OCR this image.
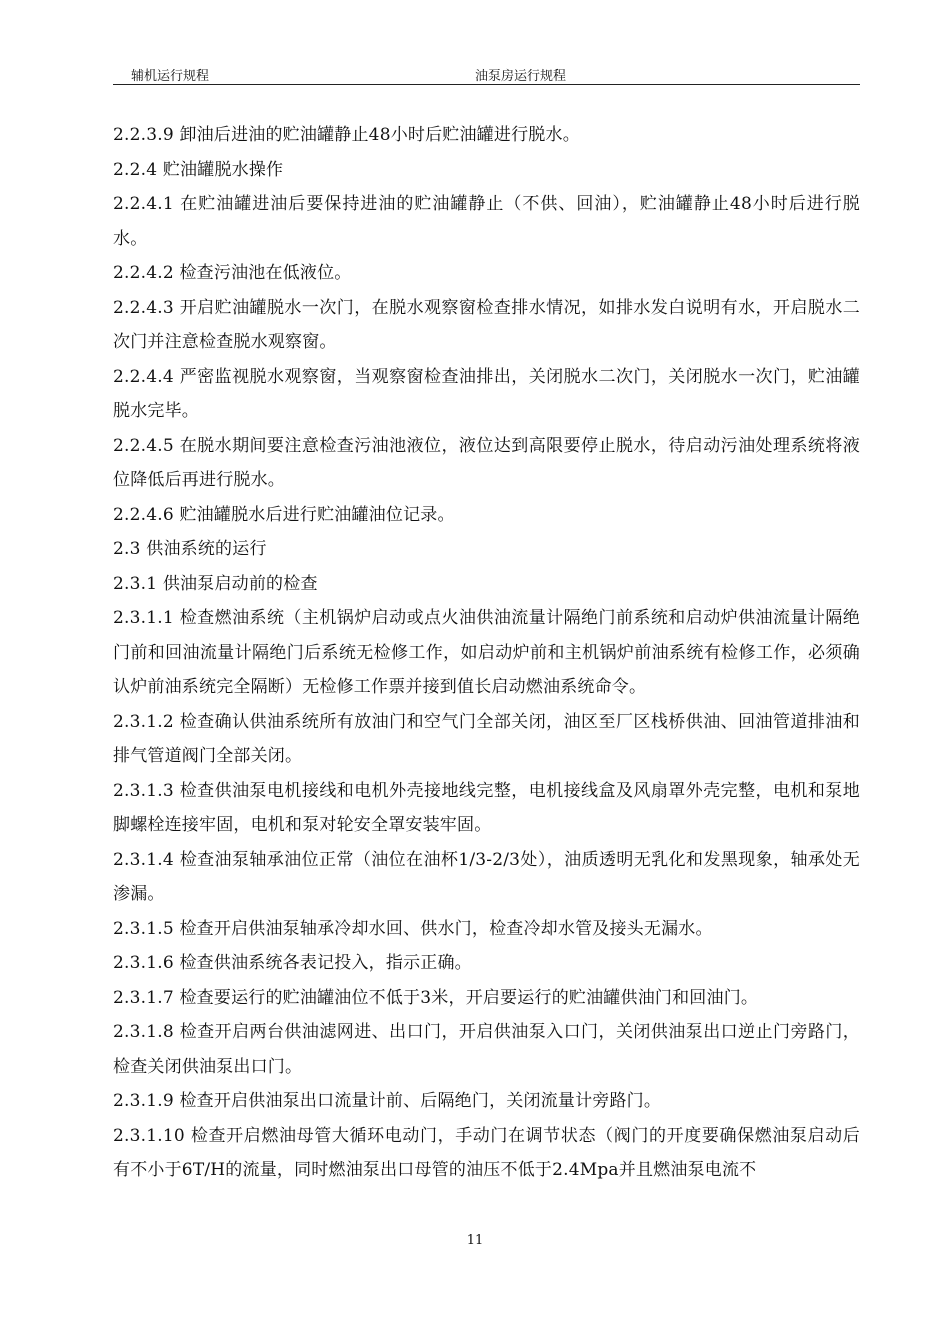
辅机运行规程	油泵房运行规程

2.2.3.9 卸油后进油的贮油罐静止48小时后贮油罐进行脱水。

2.2.4 贮油罐脱水操作

2.2.4.1 在贮油罐进油后要保持进油的贮油罐静止（不供、回油），贮油罐静止48小时后进行脱水。

2.2.4.2 检查污油池在低液位。

2.2.4.3 开启贮油罐脱水一次门，在脱水观察窗检查排水情况，如排水发白说明有水，开启脱水二次门并注意检查脱水观察窗。

2.2.4.4 严密监视脱水观察窗，当观察窗检查油排出，关闭脱水二次门，关闭脱水一次门，贮油罐脱水完毕。

2.2.4.5 在脱水期间要注意检查污油池液位，液位达到高限要停止脱水，待启动污油处理系统将液位降低后再进行脱水。

2.2.4.6 贮油罐脱水后进行贮油罐油位记录。

2.3 供油系统的运行

2.3.1 供油泵启动前的检查

2.3.1.1 检查燃油系统（主机锅炉启动或点火油供油流量计隔绝门前系统和启动炉供油流量计隔绝门前和回油流量计隔绝门后系统无检修工作，如启动炉前和主机锅炉前油系统有检修工作，必须确认炉前油系统完全隔断）无检修工作票并接到值长启动燃油系统命令。

2.3.1.2 检查确认供油系统所有放油门和空气门全部关闭，油区至厂区栈桥供油、回油管道排油和排气管道阀门全部关闭。

2.3.1.3 检查供油泵电机接线和电机外壳接地线完整，电机接线盒及风扇罩外壳完整，电机和泵地脚螺栓连接牢固，电机和泵对轮安全罩安装牢固。

2.3.1.4 检查油泵轴承油位正常（油位在油杯1/3-2/3处），油质透明无乳化和发黑现象，轴承处无渗漏。

2.3.1.5 检查开启供油泵轴承冷却水回、供水门，检查冷却水管及接头无漏水。

2.3.1.6 检查供油系统各表记投入，指示正确。

2.3.1.7 检查要运行的贮油罐油位不低于3米，开启要运行的贮油罐供油门和回油门。

2.3.1.8 检查开启两台供油滤网进、出口门，开启供油泵入口门，关闭供油泵出口逆止门旁路门，检查关闭供油泵出口门。

2.3.1.9 检查开启供油泵出口流量计前、后隔绝门，关闭流量计旁路门。

2.3.1.10 检查开启燃油母管大循环电动门，手动门在调节状态（阀门的开度要确保燃油泵启动后有不小于6T/H的流量，同时燃油泵出口母管的油压不低于2.4Mpa并且燃油泵电流不

11
